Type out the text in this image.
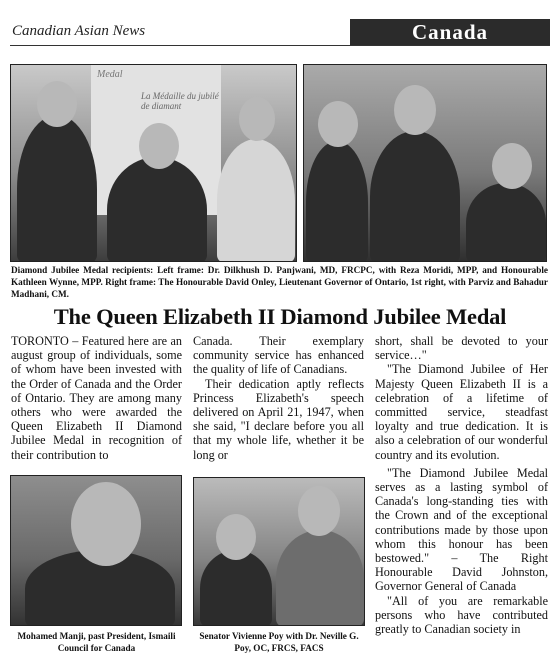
Canadian Asian News	Canada
Medal
La Médaille du jubilé de diamant
Diamond Jubilee Medal recipients: Left frame: Dr. Dilkhush D. Panjwani, MD, FRCPC, with Reza Moridi, MPP, and Honourable Kathleen Wynne, MPP. Right frame: The Honourable David Onley, Lieutenant Governor of Ontario, 1st right, with Parviz and Bahadur Madhani, CM.
The Queen Elizabeth II Diamond Jubilee Medal

TORONTO – Featured here are an august group of individuals, some of whom have been invested with the Order of Canada and the Order of Ontario. They are among many others who were awarded the Queen Elizabeth II Diamond Jubilee Medal in recognition of their contribution to

Canada. Their exemplary community service has enhanced the quality of life of Canadians.

Their dedication aptly reflects Princess Elizabeth's speech delivered on April 21, 1947, when she said, "I declare before you all that my whole life, whether it be long or

short, shall be devoted to your service…"

"The Diamond Jubilee of Her Majesty Queen Elizabeth II is a celebration of a lifetime of committed service, steadfast loyalty and true dedication. It is also a celebration of our wonderful country and its evolution.

"The Diamond Jubilee Medal serves as a lasting symbol of Canada's long-standing ties with the Crown and of the exceptional contributions made by those upon whom this honour has been bestowed." – The Right Honourable David Johnston, Governor General of Canada

"All of you are remarkable persons who have contributed greatly to Canadian society in

Mohamed Manji, past President, Ismaili Council for Canada
Senator Vivienne Poy with Dr. Neville G. Poy, OC, FRCS, FACS
